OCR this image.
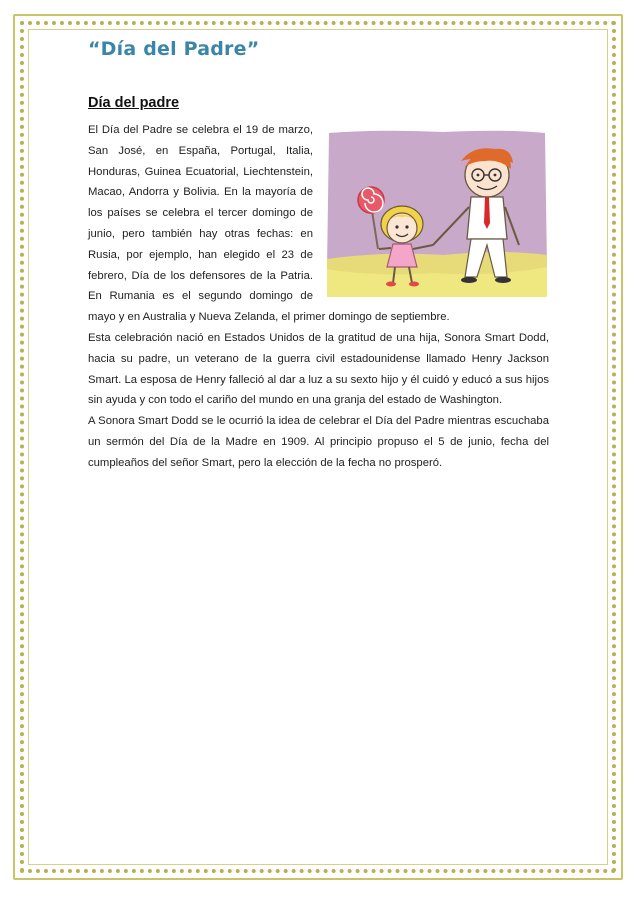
“Día del Padre”
Día del padre

El Día del Padre se celebra el 19 de marzo, San José, en España, Portugal, Italia, Honduras, Guinea Ecuatorial, Liechtenstein, Macao, Andorra y Bolivia. En la mayoría de los países se celebra el tercer domingo de junio, pero también hay otras fechas: en Rusia, por ejemplo, han elegido el 23 de febrero, Día de los defensores de la Patria. En Rumania es el segundo domingo de mayo y en Australia y Nueva Zelanda, el primer domingo de septiembre.

Esta celebración nació en Estados Unidos de la gratitud de una hija, Sonora Smart Dodd, hacia su padre, un veterano de la guerra civil estadounidense llamado Henry Jackson Smart. La esposa de Henry falleció al dar a luz a su sexto hijo y él cuidó y educó a sus hijos sin ayuda y con todo el cariño del mundo en una granja del estado de Washington.

A Sonora Smart Dodd se le ocurrió la idea de celebrar el Día del Padre mientras escuchaba un sermón del Día de la Madre en 1909. Al principio propuso el 5 de junio, fecha del cumpleaños del señor Smart, pero la elección de la fecha no prosperó.
